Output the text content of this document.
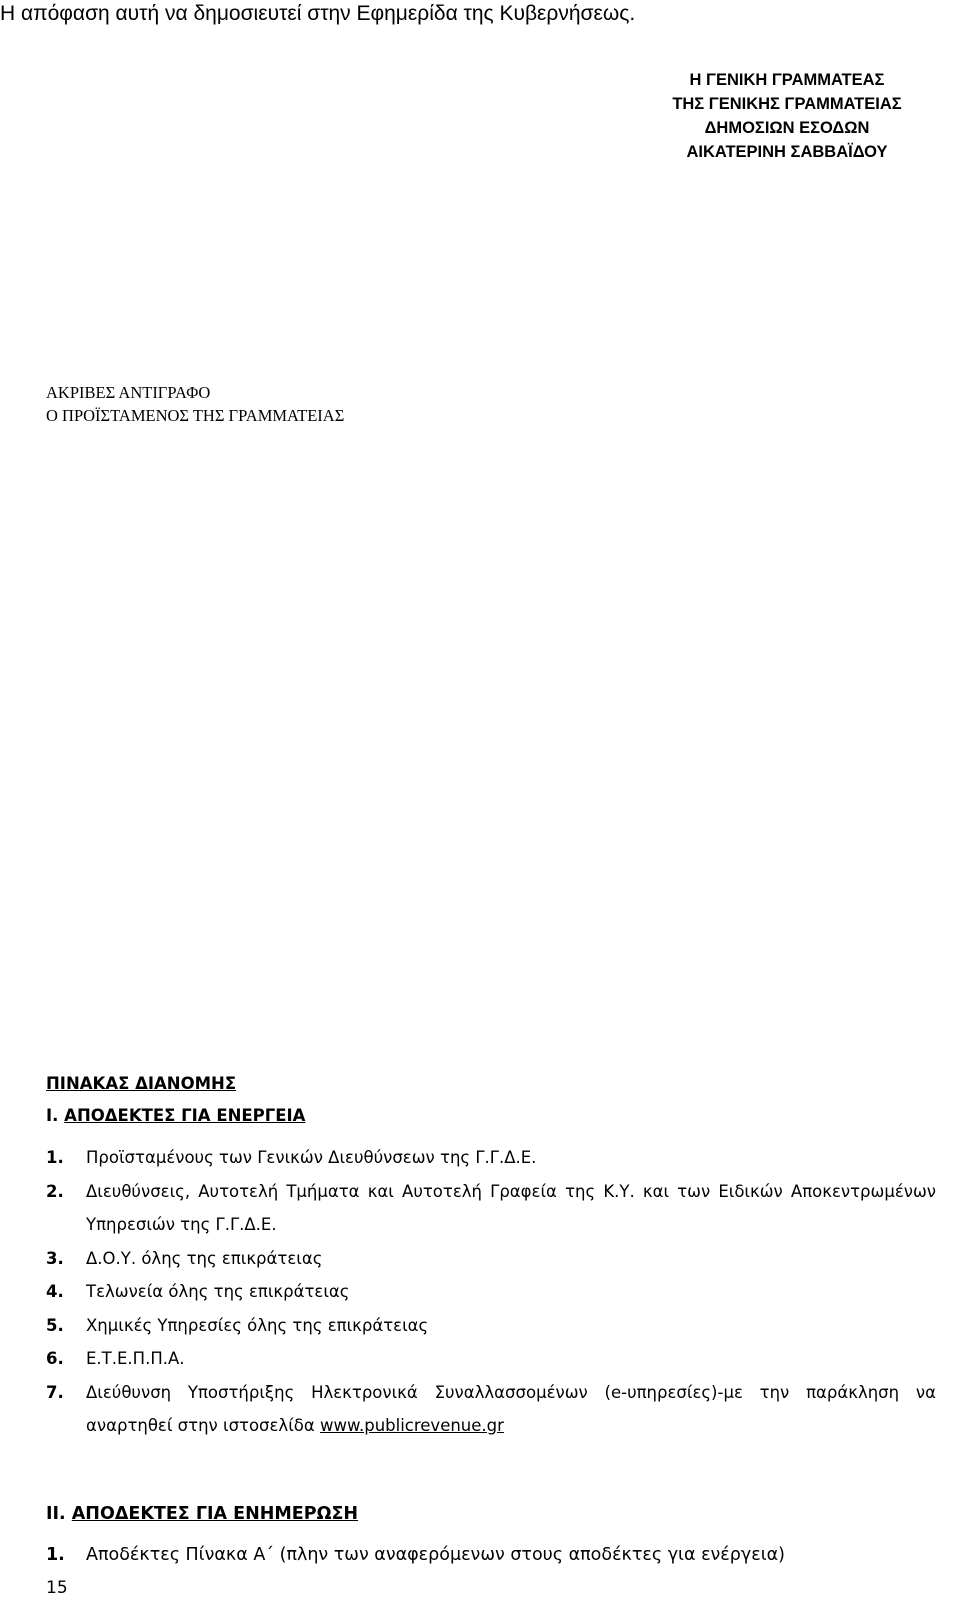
Η απόφαση αυτή να δημοσιευτεί στην Εφημερίδα της Κυβερνήσεως.
Η ΓΕΝΙΚΗ ΓΡΑΜΜΑΤΕΑΣ
ΤΗΣ ΓΕΝΙΚΗΣ ΓΡΑΜΜΑΤΕΙΑΣ
ΔΗΜΟΣΙΩΝ ΕΣΟΔΩΝ
ΑΙΚΑΤΕΡΙΝΗ ΣΑΒΒΑΪΔΟΥ
ΑΚΡΙΒΕΣ ΑΝΤΙΓΡΑΦΟ
Ο ΠΡΟΪΣΤΑΜΕΝΟΣ ΤΗΣ ΓΡΑΜΜΑΤΕΙΑΣ
ΠΙΝΑΚΑΣ ΔΙΑΝΟΜΗΣ
Ι. ΑΠΟΔΕΚΤΕΣ ΓΙΑ ΕΝΕΡΓΕΙΑ
1. Προϊσταμένους των Γενικών Διευθύνσεων της Γ.Γ.Δ.Ε.
2. Διευθύνσεις, Αυτοτελή Τμήματα και Αυτοτελή Γραφεία της Κ.Υ. και των Ειδικών Αποκεντρωμένων Υπηρεσιών της Γ.Γ.Δ.Ε.
3. Δ.Ο.Υ. όλης της επικράτειας
4. Τελωνεία όλης της επικράτειας
5. Χημικές Υπηρεσίες όλης της επικράτειας
6. Ε.Τ.Ε.Π.Π.Α.
7. Διεύθυνση Υποστήριξης Ηλεκτρονικά Συναλλασσομένων (e-υπηρεσίες)-με την παράκληση να αναρτηθεί στην ιστοσελίδα www.publicrevenue.gr
ΙΙ. ΑΠΟΔΕΚΤΕΣ ΓΙΑ ΕΝΗΜΕΡΩΣΗ
1. Αποδέκτες Πίνακα Α΄ (πλην των αναφερόμενων στους αποδέκτες για ενέργεια)
15
